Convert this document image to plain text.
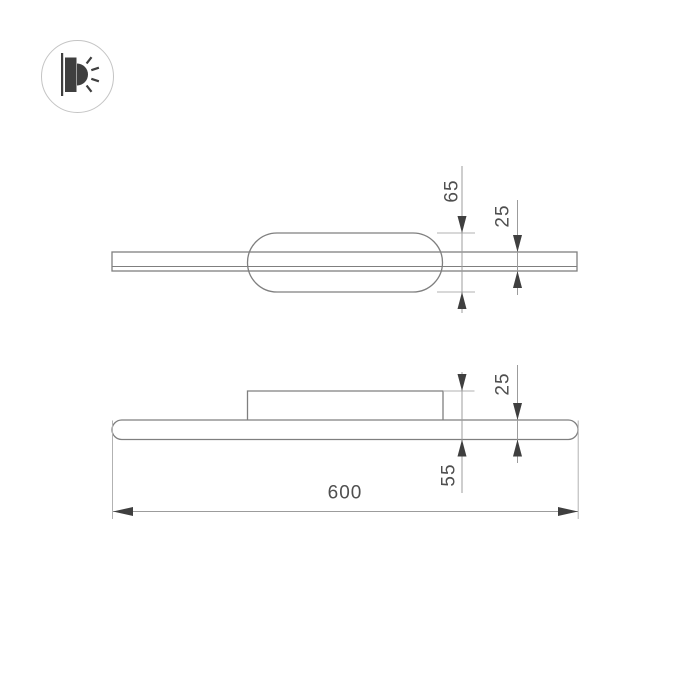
65
25
55
25
600
